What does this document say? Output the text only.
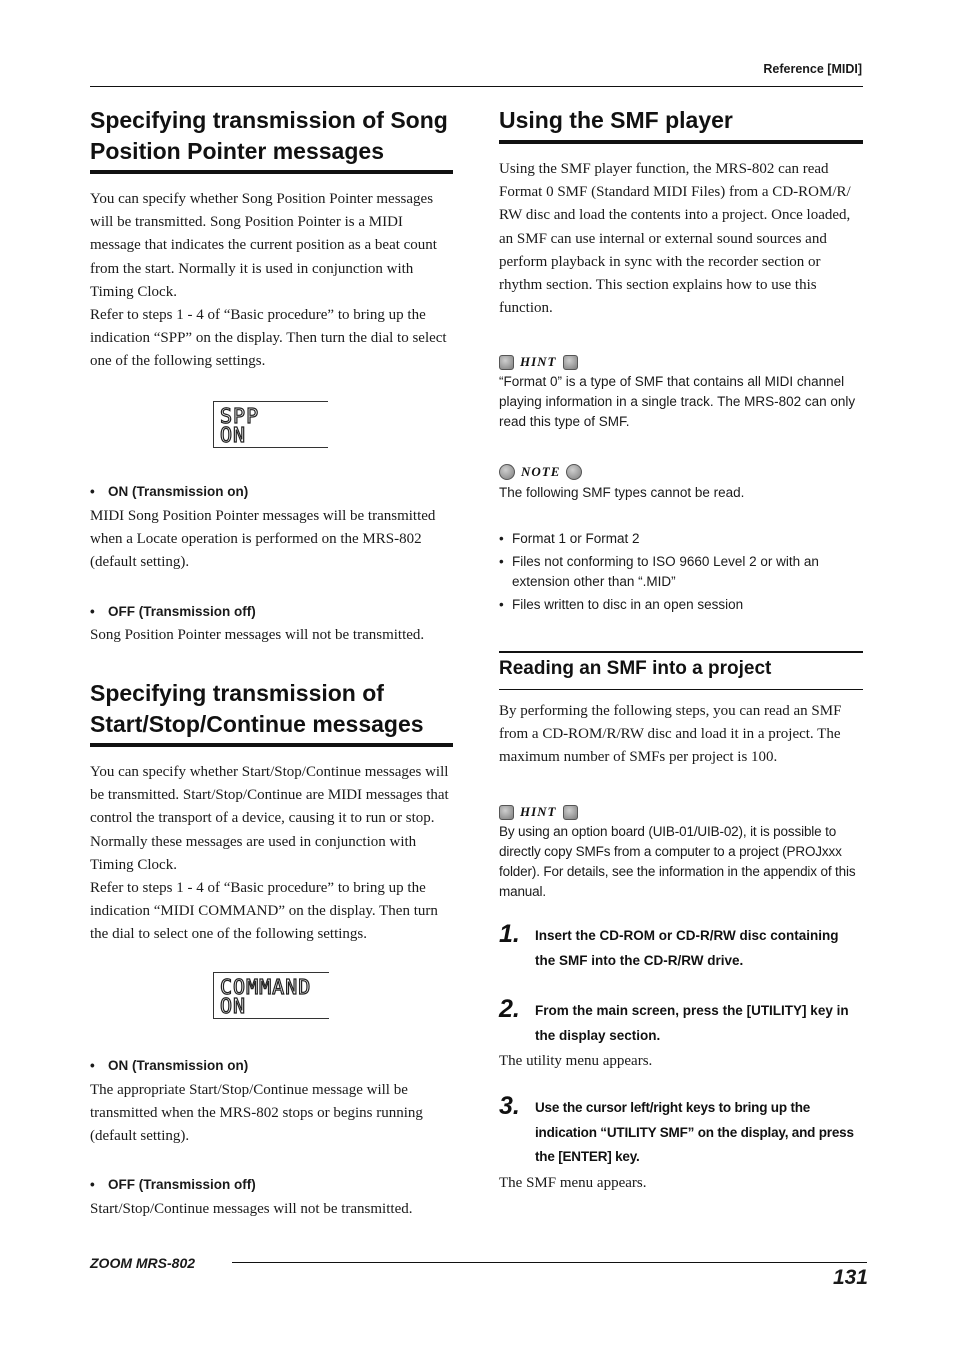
Reference [MIDI]
Specifying transmission of Song
Position Pointer messages
You can specify whether Song Position Pointer messages
will be transmitted. Song Position Pointer is a MIDI
message that indicates the current position as a beat count
from the start. Normally it is used in conjunction with
Timing Clock.
Refer to steps 1 - 4 of “Basic procedure” to bring up the
indication “SPP” on the display. Then turn the dial to select
one of the following settings.
SPP
ON
• ON (Transmission on)
MIDI Song Position Pointer messages will be transmitted
when a Locate operation is performed on the MRS-802
(default setting).
• OFF (Transmission off)
Song Position Pointer messages will not be transmitted.
Specifying transmission of
Start/Stop/Continue messages
You can specify whether Start/Stop/Continue messages will
be transmitted. Start/Stop/Continue are MIDI messages that
control the transport of a device, causing it to run or stop.
Normally these messages are used in conjunction with
Timing Clock.
Refer to steps 1 - 4 of “Basic procedure” to bring up the
indication “MIDI COMMAND” on the display. Then turn
the dial to select one of the following settings.
COMMAND
ON
• ON (Transmission on)
The appropriate Start/Stop/Continue message will be
transmitted when the MRS-802 stops or begins running
(default setting).
• OFF (Transmission off)
Start/Stop/Continue messages will not be transmitted.
Using the SMF player
Using the SMF player function, the MRS-802 can read
Format 0 SMF (Standard MIDI Files) from a CD-ROM/R/
RW disc and load the contents into a project. Once loaded,
an SMF can use internal or external sound sources and
perform playback in sync with the recorder section or
rhythm section. This section explains how to use this
function.
HINT
“Format 0” is a type of SMF that contains all MIDI channel
playing information in a single track. The MRS-802 can only
read this type of SMF.
NOTE
The following SMF types cannot be read.
• Format 1 or Format 2
• Files not conforming to ISO 9660 Level 2 or with an
extension other than “.MID”
• Files written to disc in an open session
Reading an SMF into a project
By performing the following steps, you can read an SMF
from a CD-ROM/R/RW disc and load it in a project. The
maximum number of SMFs per project is 100.
HINT
By using an option board (UIB-01/UIB-02), it is possible to
directly copy SMFs from a computer to a project (PROJxxx
folder). For details, see the information in the appendix of this
manual.
1. Insert the CD-ROM or CD-R/RW disc containing
the SMF into the CD-R/RW drive.
2. From the main screen, press the [UTILITY] key in
the display section.
The utility menu appears.
3. Use the cursor left/right keys to bring up the
indication “UTILITY SMF” on the display, and press
the [ENTER] key.
The SMF menu appears.
ZOOM MRS-802
131
